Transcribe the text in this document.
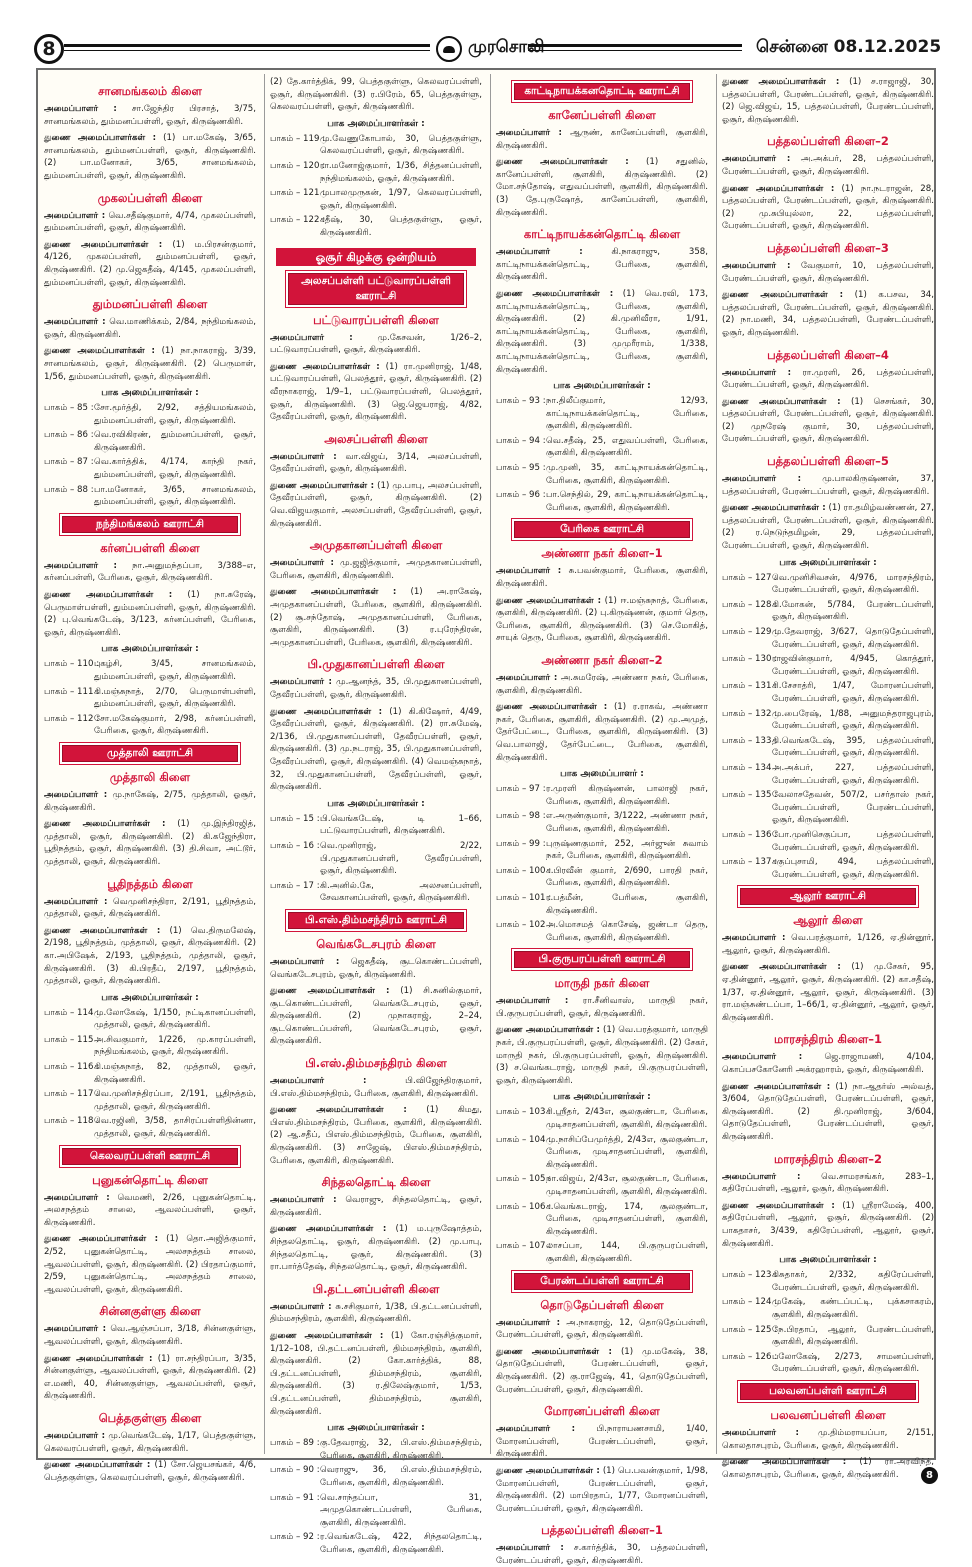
8	முரசொலி	சென்னை 08.12.2025
சானமங்கலம் கிளை

அமைப்பாளர் : சா.ஜேந்திர பிரசாத், 3/75, சானமங்கலம், தும்மனப்பள்ளி, ஓசூர், கிருஷ்ணகிரி.

துணை அமைப்பாளர்கள் : (1) பா.மகேஷ், 3/65, சானமங்கலம், தும்மனப்பள்ளி, ஓசூர், கிருஷ்ணகிரி. (2) பா.மனோகர், 3/65, சானமங்கலம், தும்மனப்பள்ளி, ஓசூர், கிருஷ்ணகிரி.

முகலப்பள்ளி கிளை

அமைப்பாளர் : வெ.சதீஷ்குமார், 4/74, முகலப்பள்ளி, தும்மனப்பள்ளி, ஓசூர், கிருஷ்ணகிரி.

துணை அமைப்பாளர்கள் : (1) ம.பிரசன்குமார், 4/126, முகலப்பள்ளி, தும்மனப்பள்ளி, ஓசூர், கிருஷ்ணகிரி. (2) மு.ஜெகதீஷ், 4/145, முகலப்பள்ளி, தும்மனப்பள்ளி, ஓசூர், கிருஷ்ணகிரி.

தும்மனப்பள்ளி கிளை

அமைப்பாளர் : வெ.மாணிக்கம், 2/84, நந்திமங்கலம், ஓசூர், கிருஷ்ணகிரி.

துணை அமைப்பாளர்கள் : (1) நா.நாகராஜ், 3/39, சானமங்கலம், ஓசூர், கிருஷ்ணகிரி. (2) பெருமாள், 1/56, தும்மனப்பள்ளி, ஓசூர், கிருஷ்ணகிரி.

பாக அமைப்பாளர்கள் :
பாகம் – 85 : சோ.மூர்த்தி, 2/92, சத்தியமங்கலம், தும்மனப்பள்ளி, ஓசூர், கிருஷ்ணகிரி.
பாகம் – 86 : வெ.ரவிகிரண், தும்மனப்பள்ளி, ஓசூர், கிருஷ்ணகிரி.
பாகம் – 87 : வெ.கார்த்திக், 4/174, காந்தி நகர், தும்மனப்பள்ளி, ஓசூர், கிருஷ்ணகிரி.
பாகம் – 88 : பா.மனோகர், 3/65, சானமங்கலம், தும்மனப்பள்ளி, ஓசூர், கிருஷ்ணகிரி.
நந்திமங்கலம் ஊராட்சி
கர்னப்பள்ளி கிளை

அமைப்பாளர் : நா.அனுமந்தப்பா, 3/388–எ, கர்னப்பள்ளி, பேரிகை, ஓசூர், கிருஷ்ணகிரி.

துணை அமைப்பாளர்கள் : (1) நா.சுரேஷ், பெருமாள்பள்ளி, தும்மனப்பள்ளி, ஓசூர், கிருஷ்ணகிரி. (2) பு.வெங்கடேஷ், 3/123, கர்னப்பள்ளி, பேரிகை, ஓசூர், கிருஷ்ணகிரி.

பாக அமைப்பாளர்கள் :
பாகம் – 110 :
புகழ்சி, 3/45, சானமங்கலம், தும்மனப்பள்ளி, ஓசூர், கிருஷ்ணகிரி.
பாகம் – 111 :
கி.மஞ்சுநாத், 2/70, பெருமாள்பள்ளி, தும்மனப்பள்ளி, ஓசூர், கிருஷ்ணகிரி.
பாகம் – 112 :
சோ.மகேஷ்குமார், 2/98, கர்னப்பள்ளி, பேரிகை, ஓசூர், கிருஷ்ணகிரி.
முத்தாலி ஊராட்சி
முத்தாலி கிளை

அமைப்பாளர் : மு.நாகேஷ், 2/75, முத்தாலி, ஓசூர், கிருஷ்ணகிரி.

துணை அமைப்பாளர்கள் : (1) மு.இந்திரஜித், முத்தாலி, ஓசூர், கிருஷ்ணகிரி. (2) கி.கஜேந்திரா, பூதிநத்தம், ஓசூர், கிருஷ்ணகிரி. (3) தி.சிவா, அட்டூர், முத்தாலி, ஓசூர், கிருஷ்ணகிரி.

பூதிநத்தம் கிளை

அமைப்பாளர் : வெமுனிசந்திரா, 2/191, பூதிநத்தம், முத்தாலி, ஓசூர், கிருஷ்ணகிரி.

துணை அமைப்பாளர்கள் : (1) வெ.திருமலேஷ், 2/198, பூதிநத்தம், முத்தாலி, ஓசூர், கிருஷ்ணகிரி. (2) கா.அபிஷேக், 2/193, பூதிநத்தம், முத்தாலி, ஓசூர், கிருஷ்ணகிரி. (3) கி.பிரதீப், 2/197, பூதிநத்தம், முத்தாலி, ஓசூர், கிருஷ்ணகிரி.

பாக அமைப்பாளர்கள் :
பாகம் – 114 :
மு.லோகேஷ், 1/150, நட்டிகானப்பள்ளி, முத்தாலி, ஓசூர், கிருஷ்ணகிரி.
பாகம் – 115 :
அ.சிவகுமார், 1/226, மு.காரப்பள்ளி, நந்திமங்கலம், ஓசூர், கிருஷ்ணகிரி.
பாகம் – 116 :
கி.மஞ்சுநாத், 82, முத்தாலி, ஓசூர், கிருஷ்ணகிரி.
பாகம் – 117 :
வெ.முனிசந்திரப்பா, 2/191, பூதிநத்தம், முத்தாலி, ஓசூர், கிருஷ்ணகிரி.
பாகம் – 118 :
வெ.ரஜினி, 3/58, தாசிரப்பள்ளிதின்னா, முத்தாலி, ஓசூர், கிருஷ்ணகிரி.
கெலவரப்பள்ளி ஊராட்சி
புனுகன்தொட்டி கிளை

அமைப்பாளர் : வெமணி, 2/26, புனுகன்தொட்டி, அலசநத்தம் சாலை, ஆவலப்பள்ளி, ஓசூர், கிருஷ்ணகிரி.

துணை அமைப்பாளர்கள் : (1) தொ.அஜித்குமார், 2/52, புனுகன்தொட்டி, அலசநத்தம் சாலை, ஆவலப்பள்ளி, ஓசூர், கிருஷ்ணகிரி. (2) பிரதாப்குமார், 2/59, புனுகன்தொட்டி, அலசநத்தம் சாலை, ஆவலப்பள்ளி, ஓசூர், கிருஷ்ணகிரி.

சின்னகுள்ளு கிளை

அமைப்பாளர் : வெ.ஆஞ்சப்பா, 3/18, சின்னகுள்ளு, ஆவலப்பள்ளி, ஓசூர், கிருஷ்ணகிரி.

துணை அமைப்பாளர்கள் : (1) ரா.சந்திரப்பா, 3/35, சின்னகுள்ளு, ஆவலப்பள்ளி, ஓசூர், கிருஷ்ணகிரி. (2) எ.மணி, 40, சின்னகுள்ளு, ஆவலப்பள்ளி, ஓசூர், கிருஷ்ணகிரி.

பெத்தகுள்ளு கிளை

அமைப்பாளர் : மு.வெங்கடேஷ், 1/17, பெத்தகுள்ளு, கெலவரப்பள்ளி, ஓசூர், கிருஷ்ணகிரி.

துணை அமைப்பாளர்கள் : (1) சோ.ஜெயசங்கர், 4/6, பெத்தகுள்ளு, கெலவரப்பள்ளி, ஓசூர், கிருஷ்ணகிரி.

(2) தே.கார்த்திக், 99, பெத்தகுள்ளு, கெலவரப்பள்ளி, ஓசூர், கிருஷ்ணகிரி. (3) ர.பிரேம், 65, பெத்தகுள்ளு, கெலவரப்பள்ளி, ஓசூர், கிருஷ்ணகிரி.

பாக அமைப்பாளர்கள் :
பாகம் – 119 :
மு.வேணுகோபால், 30, பெத்தகுள்ளு, கெலவரப்பள்ளி, ஓசூர், கிருஷ்ணகிரி.
பாகம் – 120 :
ரா.மனோஜ்குமார், 1/36, சித்தனப்பள்ளி, நந்திமங்கலம், ஓசூர், கிருஷ்ணகிரி.
பாகம் – 121 :
முபாலமுருகன், 1/97, கெலவரப்பள்ளி, ஓசூர், கிருஷ்ணகிரி.
பாகம் – 122 :
சதீஷ், 30, பெத்தகுள்ளு, ஓசூர், கிருஷ்ணகிரி.
ஓசூர் கிழக்கு ஒன்றியம்
அலசப்பள்ளி பட்டுவாரப்பள்ளி ஊராட்சி
பட்டுவாரப்பள்ளி கிளை

அமைப்பாளர் : மு.கேசவன், 1/26–2, பட்டுவாரப்பள்ளி, ஓசூர், கிருஷ்ணகிரி.

துணை அமைப்பாளர்கள் : (1) ரா.முனிராஜ், 1/48, பட்டுவாரப்பள்ளி, பெலத்தூர், ஓசூர், கிருஷ்ணகிரி. (2) வீரநாகராஜ், 1/9–1, பட்டுவாரப்பள்ளி, பெலத்தூர், ஓசூர், கிருஷ்ணகிரி. (3) ஜெ.ஜெயராஜ், 4/82, தேவீரப்பள்ளி, ஓசூர், கிருஷ்ணகிரி.

அலசப்பள்ளி கிளை

அமைப்பாளர் : வா.விஜய், 3/14, அலசப்பள்ளி, தேவீரப்பள்ளி, ஓசூர், கிருஷ்ணகிரி.

துணை அமைப்பாளர்கள் : (1) மு.பாபு, அலசப்பள்ளி, தேவீரப்பள்ளி, ஓசூர், கிருஷ்ணகிரி. (2) வெ.விஜயகுமார், அலசப்பள்ளி, தேவீரப்பள்ளி, ஓசூர், கிருஷ்ணகிரி.

அமுதகானப்பள்ளி கிளை

அமைப்பாளர் : மு.ஜஜித்குமார், அமுதகானப்பள்ளி, பேரிகை, சூளகிரி, கிருஷ்ணகிரி.

துணை அமைப்பாளர்கள் : (1) அ.ராகேஷ், அமுதகானப்பள்ளி, பேரிகை, சூளகிரி, கிருஷ்ணகிரி. (2) சூ.சந்தோஷ், அமுதகானப்பள்ளி, பேரிகை, சூளகிரி, கிருஷ்ணகிரி. (3) ர.புரேந்திரன், அமுதகானப்பள்ளி, பேரிகை, சூளகிரி, கிருஷ்ணகிரி.

பி.முதுகானப்பள்ளி கிளை

அமைப்பாளர் : மு.ஆனந்த், 35, பி.முதுகானப்பள்ளி, தேவீரப்பள்ளி, ஓசூர், கிருஷ்ணகிரி.

துணை அமைப்பாளர்கள் : (1) கி.கிஷோர், 4/49, தேவீரப்பள்ளி, ஓசூர், கிருஷ்ணகிரி. (2) ரா.சுமேஷ், 2/136, பி.முதுகானப்பள்ளி, தேவீரப்பள்ளி, ஓசூர், கிருஷ்ணகிரி. (3) மு.நடராஜ், 35, பி.முதுகானப்பள்ளி, தேவீரப்பள்ளி, ஓசூர், கிருஷ்ணகிரி. (4) வெமஞ்சுநாத், 32, பி.முதுகானப்பள்ளி, தேவீரப்பள்ளி, ஓசூர், கிருஷ்ணகிரி.

பாக அமைப்பாளர்கள் :
பாகம் – 15 : பி.வெங்கடேஷ், டி 1–66, பட்டுவாரப்பள்ளி, கிருஷ்ணகிரி.
பாகம் – 16 : வெ.முனிராஜ், 2/22, பி.முதுகானப்பள்ளி, தேவீரப்பள்ளி, ஓசூர், கிருஷ்ணகிரி.
பாகம் – 17 : கி.அனில்.கே, அலசனப்பள்ளி, சேவகானப்பள்ளி, ஓசூர், கிருஷ்ணகிரி.
பி.எஸ்.திம்மசந்திரம் ஊராட்சி
வெங்கடேசபுரம் கிளை

அமைப்பாளர் : ஜெகதீஷ், சூடகொண்டப்பள்ளி, வெங்கடேசபுரம், ஓசூர், கிருஷ்ணகிரி.

துணை அமைப்பாளர்கள் : (1) சி.சுனில்குமார், சூடகொண்டப்பள்ளி, வெங்கடேசபுரம், ஓசூர், கிருஷ்ணகிரி. (2) முநாகராஜ், 2–24, சூடகொண்டப்பள்ளி, வெங்கடேசபுரம், ஓசூர், கிருஷ்ணகிரி.

பி.எஸ்.திம்மசந்திரம் கிளை

அமைப்பாளர் : பி.விஜேந்திரகுமார், பி.எஸ்.திம்மசந்திரம், பேரிகை, சூளகிரி, கிருஷ்ணகிரி.

துணை அமைப்பாளர்கள் : (1) கிமது, பிஎஸ்.திம்மசந்திரம், பேரிகை, சூளகிரி, கிருஷ்ணகிரி. (2) ஆ.சதீப், பிஎஸ்.திம்மசந்திரம், பேரிகை, சூளகிரி, கிருஷ்ணகிரி. (3) சாஜேஷ், பிஎஸ்.திம்மசந்திரம், பேரிகை, சூளகிரி, கிருஷ்ணகிரி.

சிந்தலதொட்டி கிளை

அமைப்பாளர் : வெராஜு, சிந்தலதொட்டி, ஓசூர், கிருஷ்ணகிரி.

துணை அமைப்பாளர்கள் : (1) ம.புருஷோத்தம், சிந்தலதொட்டி, ஓசூர், கிருஷ்ணகிரி. (2) மு.பாபு, சிந்தலதொட்டி, ஓசூர், கிருஷ்ணகிரி. (3) ரா.பார்த்தேஷ், சிந்தலதொட்டி, ஓசூர், கிருஷ்ணகிரி.

பி.தட்டனப்பள்ளி கிளை

அமைப்பாளர் : சு.சசிகுமார், 1/38, பி.தட்டனப்பள்ளி, திம்மசந்திரம், சூளகிரி, கிருஷ்ணகிரி.

துணை அமைப்பாளர்கள் : (1) கோ.ரஞ்சித்குமார், 1/12–108, பி.தட்டனப்பள்ளி, திம்மசந்திரம், சூளகிரி, கிருஷ்ணகிரி. (2) கோ.கார்த்திக், 88, பி.தட்டனப்பள்ளி, திம்மசந்திரம், சூளகிரி, கிருஷ்ணகிரி. (3) ர.திலேஷ்குமார், 1/53, பி.தட்டனப்பள்ளி, திம்மசந்திரம், சூளகிரி, கிருஷ்ணகிரி.

பாக அமைப்பாளர்கள் :
பாகம் – 89 : கு.தேவராஜ், 32, பி.எஸ்.திம்மசந்திரம், பேரிகை, சூளகிரி, கிருஷ்ணகிரி.
பாகம் – 90 : வெராஜு, 36, பி.எஸ்.திம்மசந்திரம், பேரிகை, சூளகிரி, கிருஷ்ணகிரி.
பாகம் – 91 : வெ.சாந்தப்பா, 31, அமுதகொண்டப்பள்ளி, பேரிகை, சூளகிரி, கிருஷ்ணகிரி.
பாகம் – 92 : ர.வெங்கடேஷ், 422, சிந்தலதொட்டி, பேரிகை, சூளகிரி, கிருஷ்ணகிரி.
காட்டிநாயக்கனதொட்டி ஊராட்சி
கானேப்பள்ளி கிளை

அமைப்பாளர் : ஆருண், கானேப்பள்ளி, சூளகிரி, கிருஷ்ணகிரி.

துணை அமைப்பாளர்கள் : (1) சதுனில், கானேப்பள்ளி, சூளகிரி, கிருஷ்ணகிரி. (2) மோ.சந்தோஷ், எதுவப்பள்ளி, சூளகிரி, கிருஷ்ணகிரி. (3) தே.புருஷோத், கானேப்பள்ளி, சூளகிரி, கிருஷ்ணகிரி.

காட்டிநாயக்கன்தொட்டி கிளை

அமைப்பாளர் : கி.நாகராஜு, 358, காட்டிநாயக்கன்தொட்டி, பேரிகை, சூளகிரி, கிருஷ்ணகிரி.

துணை அமைப்பாளர்கள் : (1) வெ.ரவி, 173, காட்டிநாயக்கன்தொட்டி, பேரிகை, சூளகிரி, கிருஷ்ணகிரி. (2) கி.முனிவீரா, 1/91, காட்டிநாயக்கன்தொட்டி, பேரிகை, சூளகிரி, கிருஷ்ணகிரி. (3) முமுரீராம், 1/338, காட்டிநாயக்கன்தொட்டி, பேரிகை, சூளகிரி, கிருஷ்ணகிரி.

பாக அமைப்பாளர்கள் :
பாகம் – 93 : நா.திலீப்குமார், 12/93, காட்டிநாயக்கன்தொட்டி, பேரிகை, சூளகிரி, கிருஷ்ணகிரி.
பாகம் – 94 : வெ.சதீஷ், 25, எதுவப்பள்ளி, பேரிகை, சூளகிரி, கிருஷ்ணகிரி.
பாகம் – 95 : மு.முனி, 35, காட்டிநாயக்கன்தொட்டி, பேரிகை, சூளகிரி, கிருஷ்ணகிரி.
பாகம் – 96 : பா.செந்தில், 29, காட்டிநாயக்கன்தொட்டி, பேரிகை, சூளகிரி, கிருஷ்ணகிரி.
பேரிகை ஊராட்சி
அண்ணா நகர் கிளை–1

அமைப்பாளர் : சு.பவன்குமார், பேரிகை, சூளகிரி, கிருஷ்ணகிரி.

துணை அமைப்பாளர்கள் : (1) ஈ.மஞ்சுநாத், பேரிகை, சூளகிரி, கிருஷ்ணகிரி. (2) பு.கிருஷ்ணன், குமார் தெரு, பேரிகை, சூளகிரி, கிருஷ்ணகிரி. (3) செ.மோகித், சாயுக் தெரு, பேரிகை, சூளகிரி, கிருஷ்ணகிரி.

அண்ணா நகர் கிளை–2

அமைப்பாளர் : அ.சுமரேஷ், அண்ணா நகர், பேரிகை, சூளகிரி, கிருஷ்ணகிரி.

துணை அமைப்பாளர்கள் : (1) ர.ராகவ், அண்ணா நகர், பேரிகை, சூளகிரி, கிருஷ்ணகிரி. (2) மு.அமுத், தேர்பேட்டை, பேரிகை, சூளகிரி, கிருஷ்ணகிரி. (3) வெ.பாலாஜி, தேர்பேட்டை, பேரிகை, சூளகிரி, கிருஷ்ணகிரி.

பாக அமைப்பாளர் :
பாகம் – 97 : ர.முரளி கிருஷ்ணன், பாலாஜி நகர், பேரிகை, சூளகிரி, கிருஷ்ணகிரி.
பாகம் – 98 : எ.அருண்குமார், 3/1222, அண்ணா நகர், பேரிகை, சூளகிரி, கிருஷ்ணகிரி.
பாகம் – 99 : புருஷ்ணகுமார், 252, அர்ஜுன் சுவாம் நகர், பேரிகை, சூளகிரி, கிருஷ்ணகிரி.
பாகம் – 100 :
ச.பிரவீன் குமார், 2/690, பாரதி நகர், பேரிகை, சூளகிரி, கிருஷ்ணகிரி.
பாகம் – 101 :
ர.பத்மீன், பேரிகை, சூளகிரி, கிருஷ்ணகிரி.
பாகம் – 102 :
அ.மொசமத் கொசேஷ், ஜண்டா தெரு, பேரிகை, சூளகிரி, கிருஷ்ணகிரி.
பி.குருபரப்பள்ளி ஊராட்சி
மாருதி நகர் கிளை

அமைப்பாளர் : ரா.சீனிவாஸ், மாருதி நகர், பி.குருபரப்பள்ளி, ஓசூர், கிருஷ்ணகிரி.

துணை அமைப்பாளர்கள் : (1) வெ.பரத்குமார், மாருதி நகர், பி.குருபரப்பள்ளி, ஓசூர், கிருஷ்ணகிரி. (2) சேகர், மாருதி நகர், பி.குருபரப்பள்ளி, ஓசூர், கிருஷ்ணகிரி. (3) ச.வெங்கடராஜ், மாருதி நகர், பி.குருபரப்பள்ளி, ஓசூர், கிருஷ்ணகிரி.

பாக அமைப்பாளர்கள் :
பாகம் – 103 :
சி.ஸ்ரீதர், 2/43எ, சூலகுண்டா, பேரிகை, முடிசாதனப்பள்ளி, சூளகிரி, கிருஷ்ணகிரி.
பாகம் – 104 :
மு.நாசிப்பேமுர்த்தி, 2/43எ, சூலகுண்டா, பேரிகை, முடிசாதனப்பள்ளி, சூளகிரி, கிருஷ்ணகிரி.
பாகம் – 105 :
நா.விஜய், 2/43எ, சூலகுண்டா, பேரிகை, முடிசாதனப்பள்ளி, சூளகிரி, கிருஷ்ணகிரி.
பாகம் – 106 :
ச.வெங்கடராஜ், 174, சூலகுண்டா, பேரிகை, முடிசாதனப்பள்ளி, சூளகிரி, கிருஷ்ணகிரி.
பாகம் – 107 :
லாசப்பா, 144, பி.குருபரப்பள்ளி, சூளகிரி, கிருஷ்ணகிரி.
பேரண்டப்பள்ளி ஊராட்சி
தொடுதேப்பள்ளி கிளை

அமைப்பாளர் : அ.நாகராஜ், 12, தொடுதேப்பள்ளி, பேரண்டப்பள்ளி, ஓசூர், கிருஷ்ணகிரி.

துணை அமைப்பாளர்கள் : (1) மு.மகேஷ், 38, தொடுதேப்பள்ளி, பேரண்டப்பள்ளி, ஓசூர், கிருஷ்ணகிரி. (2) கு.ராஜேஷ், 41, தொடுதேப்பள்ளி, பேரண்டப்பள்ளி, ஓசூர், கிருஷ்ணகிரி.

மோரனப்பள்ளி கிளை

அமைப்பாளர் : பி.நாராயணசாமி, 1/40, மோரனப்பள்ளி, பேரண்டப்பள்ளி, ஓசூர், கிருஷ்ணகிரி.

துணை அமைப்பாளர்கள் : (1) பெ.பவன்குமார், 1/98, மோரனப்பள்ளி, பேரண்டப்பள்ளி, ஓசூர், கிருஷ்ணகிரி. (2) மாபிரதாப், 1/77, மோரனப்பள்ளி, பேரண்டப்பள்ளி, ஓசூர், கிருஷ்ணகிரி.

பத்தலப்பள்ளி கிளை–1

அமைப்பாளர் : ச.கார்த்திக், 30, பத்தலப்பள்ளி, பேரண்டப்பள்ளி, ஓசூர், கிருஷ்ணகிரி.

துணை அமைப்பாளர்கள் : (1) ச.ராஜாஜி, 30, பத்தலப்பள்ளி, பேரண்டப்பள்ளி, ஓசூர், கிருஷ்ணகிரி. (2) ஜெ.விஜய், 15, பத்தலப்பள்ளி, பேரண்டப்பள்ளி, ஓசூர், கிருஷ்ணகிரி.

பத்தலப்பள்ளி கிளை–2

அமைப்பாளர் : அ.அக்பர், 28, பத்தலப்பள்ளி, பேரண்டப்பள்ளி, ஓசூர், கிருஷ்ணகிரி.

துணை அமைப்பாளர்கள் : (1) நா.நடராஜன், 28, பத்தலப்பள்ளி, பேரண்டப்பள்ளி, ஓசூர், கிருஷ்ணகிரி. (2) மு.சுபியுல்லா, 22, பத்தலப்பள்ளி, பேரண்டப்பள்ளி, ஓசூர், கிருஷ்ணகிரி.

பத்தலப்பள்ளி கிளை–3

அமைப்பாளர் : வேகுமார், 10, பத்தலப்பள்ளி, பேரண்டப்பள்ளி, ஓசூர், கிருஷ்ணகிரி.

துணை அமைப்பாளர்கள் : (1) க.பசவ, 34, பத்தலப்பள்ளி, பேரண்டப்பள்ளி, ஓசூர், கிருஷ்ணகிரி. (2) நா.மணி, 34, பத்தலப்பள்ளி, பேரண்டப்பள்ளி, ஓசூர், கிருஷ்ணகிரி.

பத்தலப்பள்ளி கிளை–4

அமைப்பாளர் : ரா.முரளி, 26, பத்தலப்பள்ளி, பேரண்டப்பள்ளி, ஓசூர், கிருஷ்ணகிரி.

துணை அமைப்பாளர்கள் : (1) செசங்கர், 30, பத்தலப்பள்ளி, பேரண்டப்பள்ளி, ஓசூர், கிருஷ்ணகிரி. (2) முநரேஷ் குமார், 30, பத்தலப்பள்ளி, பேரண்டப்பள்ளி, ஓசூர், கிருஷ்ணகிரி.

பத்தலப்பள்ளி கிளை–5

அமைப்பாளர் : மு.பாலகிருஷ்ணன், 37, பத்தலப்பள்ளி, பேரண்டப்பள்ளி, ஓசூர், கிருஷ்ணகிரி.

துணை அமைப்பாளர்கள் : (1) ரா.தமிழ்வண்ணன், 27, பத்தலப்பள்ளி, பேரண்டப்பள்ளி, ஓசூர், கிருஷ்ணகிரி. (2) ர.நெடுந்தமிழன், 29, பத்தலப்பள்ளி, பேரண்டப்பள்ளி, ஓசூர், கிருஷ்ணகிரி.

பாக அமைப்பாளர்கள் :
பாகம் – 127 :
வெ.முனிசிவசன், 4/976, மாரசந்திரம், பேரண்டப்பள்ளி, ஓசூர், கிருஷ்ணகிரி.
பாகம் – 128 :
கி.மோகன், 5/784, பேரண்டப்பள்ளி, ஓசூர், கிருஷ்ணகிரி.
பாகம் – 129 :
மு.தேவராஜ், 3/627, தொடுதேப்பள்ளி, பேரண்டப்பள்ளி, ஓசூர், கிருஷ்ணகிரி.
பாகம் – 130 :
ராஜவின்குமார், 4/945, கொத்தூர், பேரண்டப்பள்ளி, ஓசூர், கிருஷ்ணகிரி.
பாகம் – 131 :
சி.சேசாத்ரி, 1/47, மோரனப்பள்ளி, பேரண்டப்பள்ளி, ஓசூர், கிருஷ்ணகிரி.
பாகம் – 132 :
மு.பைரேஷ், 1/88, அனுமந்தராஜபுரம், பேரண்டப்பள்ளி, ஓசூர், கிருஷ்ணகிரி.
பாகம் – 133 :
தி.வெங்கடேஷ், 395, பத்தலப்பள்ளி, பேரண்டப்பள்ளி, ஓசூர், கிருஷ்ணகிரி.
பாகம் – 134 :
அ.அக்பர், 227, பத்தலப்பள்ளி, பேரண்டப்பள்ளி, ஓசூர், கிருஷ்ணகிரி.
பாகம் – 135 :
வேலாசதேவன், 507/2, பசர்தாஸ் நகர், பேரண்டப்பள்ளி, பேரண்டப்பள்ளி, ஓசூர், கிருஷ்ணகிரி.
பாகம் – 136 :
போ.முனிசெகுப்பா, பத்தலப்பள்ளி, பேரண்டப்பள்ளி, ஓசூர், கிருஷ்ணகிரி.
பாகம் – 137 :
சகுப்புசாமி, 494, பத்தலப்பள்ளி, பேரண்டப்பள்ளி, ஓசூர், கிருஷ்ணகிரி.
ஆலூர் ஊராட்சி
ஆலூர் கிளை

அமைப்பாளர் : வெ.பரத்குமார், 1/126, ஏ.தின்னூர், ஆலூர், ஓசூர், கிருஷ்ணகிரி.

துணை அமைப்பாளர்கள் : (1) மு.சேகர், 95, ஏ.தின்னூர், ஆலூர், ஓசூர், கிருஷ்ணகிரி. (2) கா.சதீஷ், 1/37, ஏ.தின்னூர், ஆலூர், ஓசூர், கிருஷ்ணகிரி. (3) ரா.மஞ்சுண்டப்பா, 1–66/1, ஏ.தின்னூர், ஆலூர், ஓசூர், கிருஷ்ணகிரி.

மாரசந்திரம் கிளை–1

அமைப்பாளர் : ஜெ.ராஜாமணி, 4/104, கொப்பசகோனேரி அக்ரஹாரம், ஓசூர், கிருஷ்ணகிரி.

துணை அமைப்பாளர்கள் : (1) நா.ஆதர்ஸ் அல்வத், 3/604, தொடுதேப்பள்ளி, பேரண்டப்பள்ளி, ஓசூர், கிருஷ்ணகிரி. (2) தி.முனிராஜ், 3/604, தொடுதேப்பள்ளி, பேரண்டப்பள்ளி, ஓசூர், கிருஷ்ணகிரி.

மாரசந்திரம் கிளை–2

அமைப்பாளர் : வெ.சாமரசங்கர், 283–1, கதிரேப்பள்ளி, ஆலூர், ஓசூர், கிருஷ்ணகிரி.

துணை அமைப்பாளர்கள் : (1) ஸ்ரீராமேஷ், 400, கதிரேப்பள்ளி, ஆலூர், ஓசூர், கிருஷ்ணகிரி. (2) பாகதாசர், 3/439, கதிரேப்பள்ளி, ஆலூர், ஓசூர், கிருஷ்ணகிரி.

பாக அமைப்பாளர்கள் :
பாகம் – 123 :
கிசுதாகர், 2/332, கதிரேப்பள்ளி, பேரண்டப்பள்ளி, ஓசூர், கிருஷ்ணகிரி.
பாகம் – 124 :
முகேஷ், கண்டப்பட்டி, புக்கசாகரம், சூளகிரி, கிருஷ்ணகிரி.
பாகம் – 125 :
நே.பிரதாப், ஆலூர், பேரண்டப்பள்ளி, சூளகிரி, கிருஷ்ணகிரி.
பாகம் – 126 :
பலோகேஷ், 2/273, சாமனப்பள்ளி, பேரண்டப்பள்ளி, ஓசூர், கிருஷ்ணகிரி.
பலவனப்பள்ளி ஊராட்சி
பலவனப்பள்ளி கிளை

அமைப்பாளர் : மு.திம்மராயப்பா, 2/151, கொலதாசபுரம், பேரிகை, ஓசூர், கிருஷ்ணகிரி.

துணை அமைப்பாளர்கள் : (1) ரா.அரவிந்த், கொலதாசபுரம், பேரிகை, ஓசூர், கிருஷ்ணகிரி.	8
